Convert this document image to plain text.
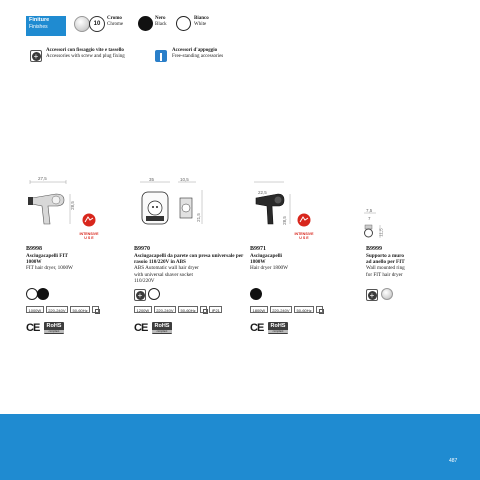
Finiture
Finishes	10
Cromo
Chrome
Nero
Black
Bianco
White
+
Accessori con fissaggio vite e tassello
Accessories with screw and plug fixing
Accessori d'appoggio
Free-standing accessories
27,5
28,5
INTENSIVE
U S E
B9998
Asciugacapelli FIT
1000W
FIT hair dryer, 1000W
1000W	220-240V	50-60Hz
CE	RoHS
compliant
35	10,5
21,5
B9970
Asciugacapelli da parete con presa universale per rasoio 110/220V in ABS
ABS Automatic wall hair dryer
with universal shaver socket
110/220V
+
1200W	220-240V	50-60Hz	IP21
CE	RoHS
compliant
22,5
28,5
INTENSIVE
U S E
B9971
Asciugacapelli
1800W
Hair dryer 1800W
1800W	220-240V	50-60Hz
CE	RoHS
compliant
7,5
7
11,5
B9999
Supporto a muro
ad anello per FIT
Wall mounted ring
for FIT hair dryer
+
487
